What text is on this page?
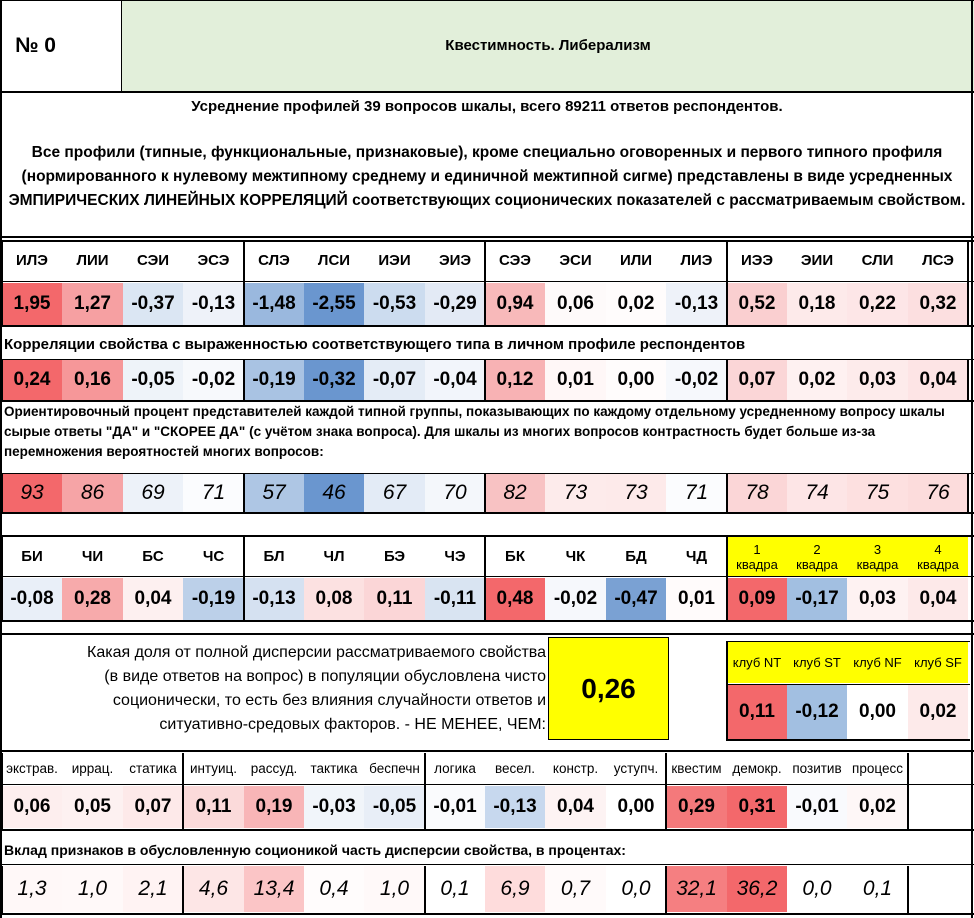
№ 0	Квестимность. Либерализм
Усреднение профилей 39 вопросов шкалы, всего 89211 ответов респондентов.
Все профили (типные, функциональные, признаковые), кроме специально оговоренных и первого типного профиля (нормированного к нулевому межтипному среднему и единичной межтипной сигме) представлены в виде усредненных ЭМПИРИЧЕСКИХ ЛИНЕЙНЫХ КОРРЕЛЯЦИЙ соответствующих соционических показателей с рассматриваемым свойством.
ИЛЭ
1,95
0,24
93
ЛИИ
1,27
0,16
86
СЭИ
-0,37
-0,05
69
ЭСЭ
-0,13
-0,02
71
СЛЭ
-1,48
-0,19
57
ЛСИ
-2,55
-0,32
46
ИЭИ
-0,53
-0,07
67
ЭИЭ
-0,29
-0,04
70
СЭЭ
0,94
0,12
82
ЭСИ
0,06
0,01
73
ИЛИ
0,02
0,00
73
ЛИЭ
-0,13
-0,02
71
ИЭЭ
0,52
0,07
78
ЭИИ
0,18
0,02
74
СЛИ
0,22
0,03
75
ЛСЭ
0,32
0,04
76
Корреляции свойства с выраженностью соответствующего типа в личном профиле респондентов
Ориентировочный процент представителей каждой типной группы, показывающих по каждому отдельному усредненному вопросу шкалы сырые ответы "ДА" и "СКОРЕЕ ДА" (с учётом знака вопроса). Для шкалы из многих вопросов контрастность будет больше из-за перемножения вероятностей многих вопросов:
БИ
-0,08
ЧИ
0,28
БС
0,04
ЧС
-0,19
БЛ
-0,13
ЧЛ
0,08
БЭ
0,11
ЧЭ
-0,11
БК
0,48
ЧК
-0,02
БД
-0,47
ЧД
0,01
1
квадра
0,09
2
квадра
-0,17
3
квадра
0,03
4
квадра
0,04
Какая доля от полной дисперсии рассматриваемого свойства
(в виде ответов на вопрос) в популяции обусловлена чисто
соционически, то есть без влияния случайности ответов и
ситуативно-средовых факторов. - НЕ МЕНЕЕ, ЧЕМ:
0,26
клуб NT
0,11
клуб ST
-0,12
клуб NF
0,00
клуб SF
0,02
экстрав.
0,06
1,3
иррац.
0,05
1,0
статика
0,07
2,1
интуиц.
0,11
4,6
рассуд.
0,19
13,4
тактика
-0,03
0,4
беспечн
-0,05
1,0
логика
-0,01
0,1
весел.
-0,13
6,9
констр.
0,04
0,7
уступч.
0,00
0,0
квестим
0,29
32,1
демокр.
0,31
36,2
позитив
-0,01
0,0
процесс
0,02
0,1
Вклад признаков в обусловленную соционикой часть дисперсии свойства, в процентах:
